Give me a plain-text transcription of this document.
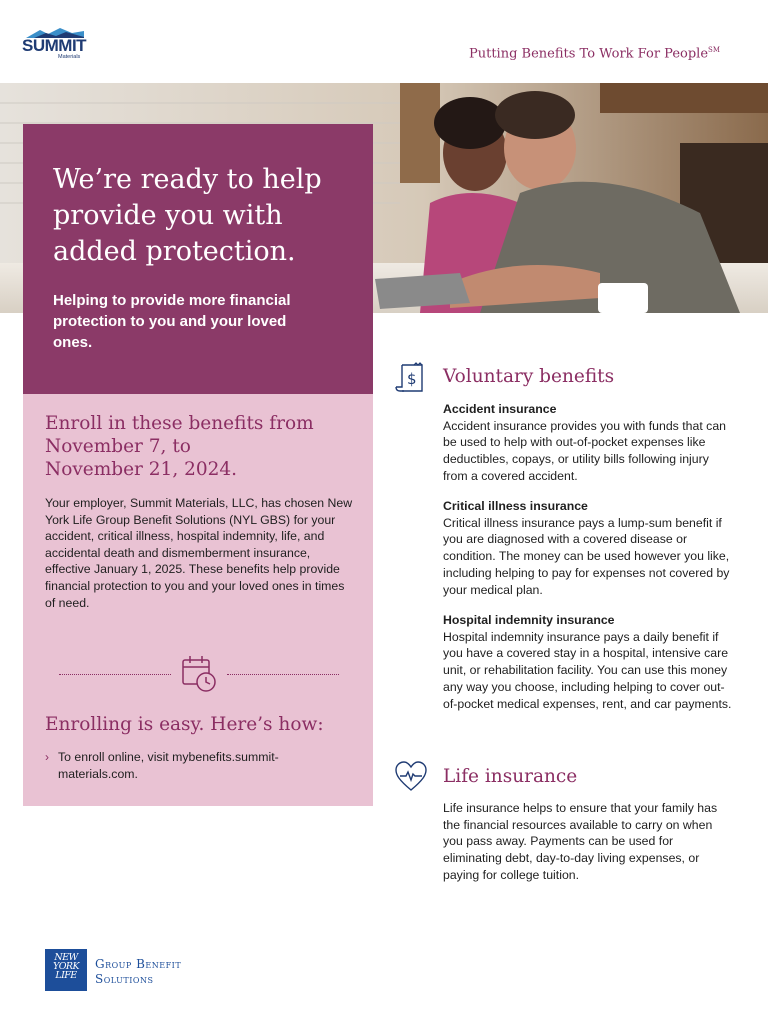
SUMMIT
Materials	Putting Benefits To Work For People℠
We’re ready to help provide you with added protection.

Helping to provide more financial protection to you and your loved ones.

Enroll in these benefits from
November 7, to
November 21, 2024.

Your employer, Summit Materials, LLC, has chosen New York Life Group Benefit Solutions (NYL GBS) for your accident, critical illness, hospital indemnity, life, and accidental death and dismemberment insurance, effective January 1, 2025. These benefits help provide financial protection to you and your loved ones in times of need.

Enrolling is easy. Here’s how:
› To enroll online, visit mybenefits.summit-materials.com.
$ Voluntary benefits
Accident insurance
Accident insurance provides you with funds that can be used to help with out-of-pocket expenses like deductibles, copays, or utility bills following injury from a covered accident.
Critical illness insurance
Critical illness insurance pays a lump-sum benefit if you are diagnosed with a covered disease or condition. The money can be used however you like, including helping to pay for expenses not covered by your medical plan.
Hospital indemnity insurance
Hospital indemnity insurance pays a daily benefit if you have a covered stay in a hospital, intensive care unit, or rehabilitation facility. You can use this money any way you choose, including helping to cover out-of-pocket medical expenses, rent, and car payments.
Life insurance
Life insurance helps to ensure that your family has the financial resources available to carry on when you pass away. Payments can be used for eliminating debt, day-to-day living expenses, or paying for college tuition.
NEW
YORK
LIFE
Group Benefit
Solutions
